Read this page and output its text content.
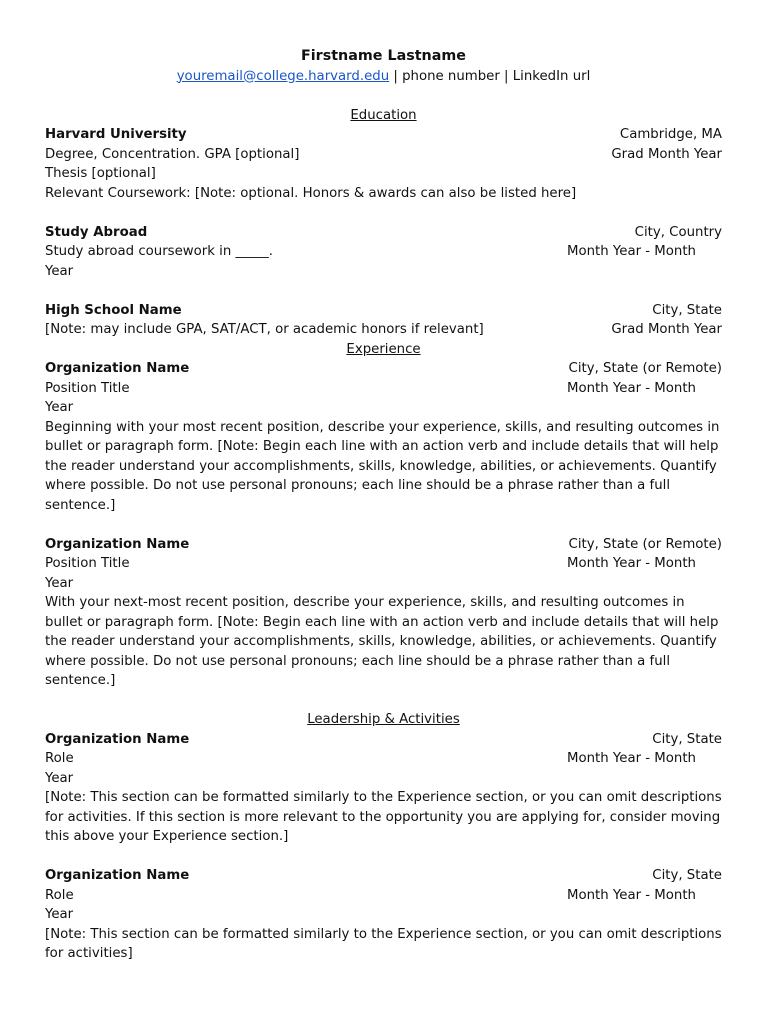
Firstname Lastname
youremail@college.harvard.edu | phone number | LinkedIn url
Education
Harvard University	Cambridge, MA
Degree, Concentration. GPA [optional]	Grad Month Year
Thesis [optional]
Relevant Coursework: [Note: optional. Honors & awards can also be listed here]
Study Abroad	City, Country
Study abroad coursework in _____.	Month Year - Month
Year
High School Name	City, State
[Note: may include GPA, SAT/ACT, or academic honors if relevant]	Grad Month Year
Experience
Organization Name	City, State (or Remote)
Position Title	Month Year - Month
Year
Beginning with your most recent position, describe your experience, skills, and resulting outcomes in bullet or paragraph form. [Note: Begin each line with an action verb and include details that will help the reader understand your accomplishments, skills, knowledge, abilities, or achievements. Quantify where possible. Do not use personal pronouns; each line should be a phrase rather than a full sentence.]
Organization Name	City, State (or Remote)
Position Title	Month Year - Month
Year
With your next-most recent position, describe your experience, skills, and resulting outcomes in bullet or paragraph form. [Note: Begin each line with an action verb and include details that will help the reader understand your accomplishments, skills, knowledge, abilities, or achievements. Quantify where possible. Do not use personal pronouns; each line should be a phrase rather than a full sentence.]
Leadership & Activities
Organization Name	City, State
Role	Month Year - Month
Year
[Note: This section can be formatted similarly to the Experience section, or you can omit descriptions for activities. If this section is more relevant to the opportunity you are applying for, consider moving this above your Experience section.]
Organization Name	City, State
Role	Month Year - Month
Year
[Note: This section can be formatted similarly to the Experience section, or you can omit descriptions for activities]
